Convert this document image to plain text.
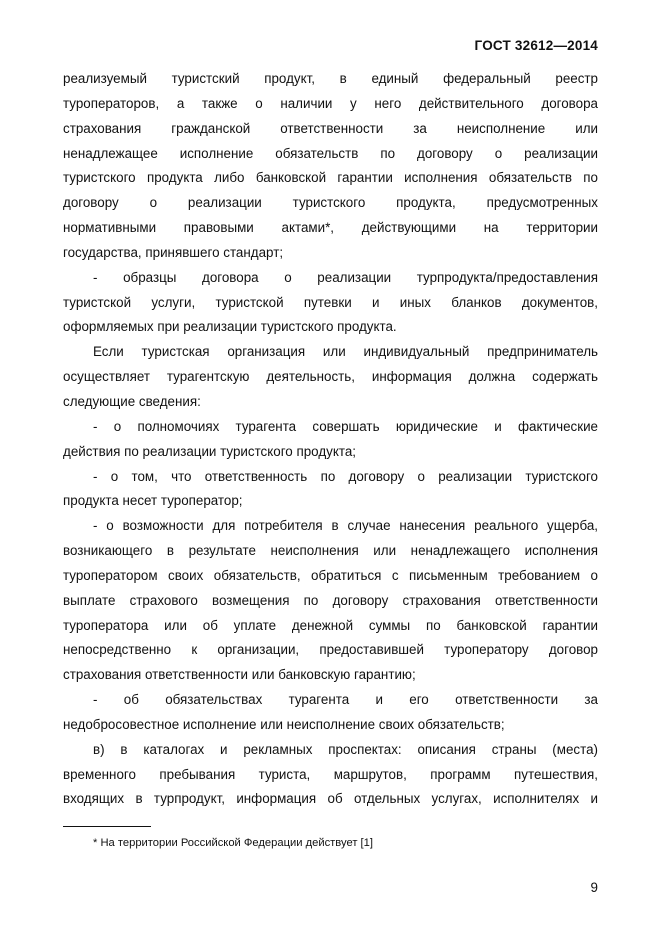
ГОСТ 32612—2014

реализуемый туристский продукт, в единый федеральный реестр

туроператоров, а также о наличии у него действительного договора

страхования гражданской ответственности за неисполнение или

ненадлежащее исполнение обязательств по договору о реализации

туристского продукта либо банковской гарантии исполнения обязательств по

договору о реализации туристского продукта, предусмотренных

нормативными правовыми актами*, действующими на территории

государства, принявшего стандарт;

- образцы договора о реализации турпродукта/предоставления

туристской услуги, туристской путевки и иных бланков документов,

оформляемых при реализации туристского продукта.

Если туристская организация или индивидуальный предприниматель

осуществляет турагентскую деятельность, информация должна содержать

следующие сведения:

- о полномочиях турагента совершать юридические и фактические

действия по реализации туристского продукта;

- о том, что ответственность по договору о реализации туристского

продукта несет туроператор;

- о возможности для потребителя в случае нанесения реального ущерба,

возникающего в результате неисполнения или ненадлежащего исполнения

туроператором своих обязательств, обратиться с письменным требованием о

выплате страхового возмещения по договору страхования ответственности

туроператора или об уплате денежной суммы по банковской гарантии

непосредственно к организации, предоставившей туроператору договор

страхования ответственности или банковскую гарантию;

- об обязательствах турагента и его ответственности за

недобросовестное исполнение или неисполнение своих обязательств;

в) в каталогах и рекламных проспектах: описания страны (места)

временного пребывания туриста, маршрутов, программ путешествия,

входящих в турпродукт, информация об отдельных услугах, исполнителях и

* На территории Российской Федерации действует [1]
9
